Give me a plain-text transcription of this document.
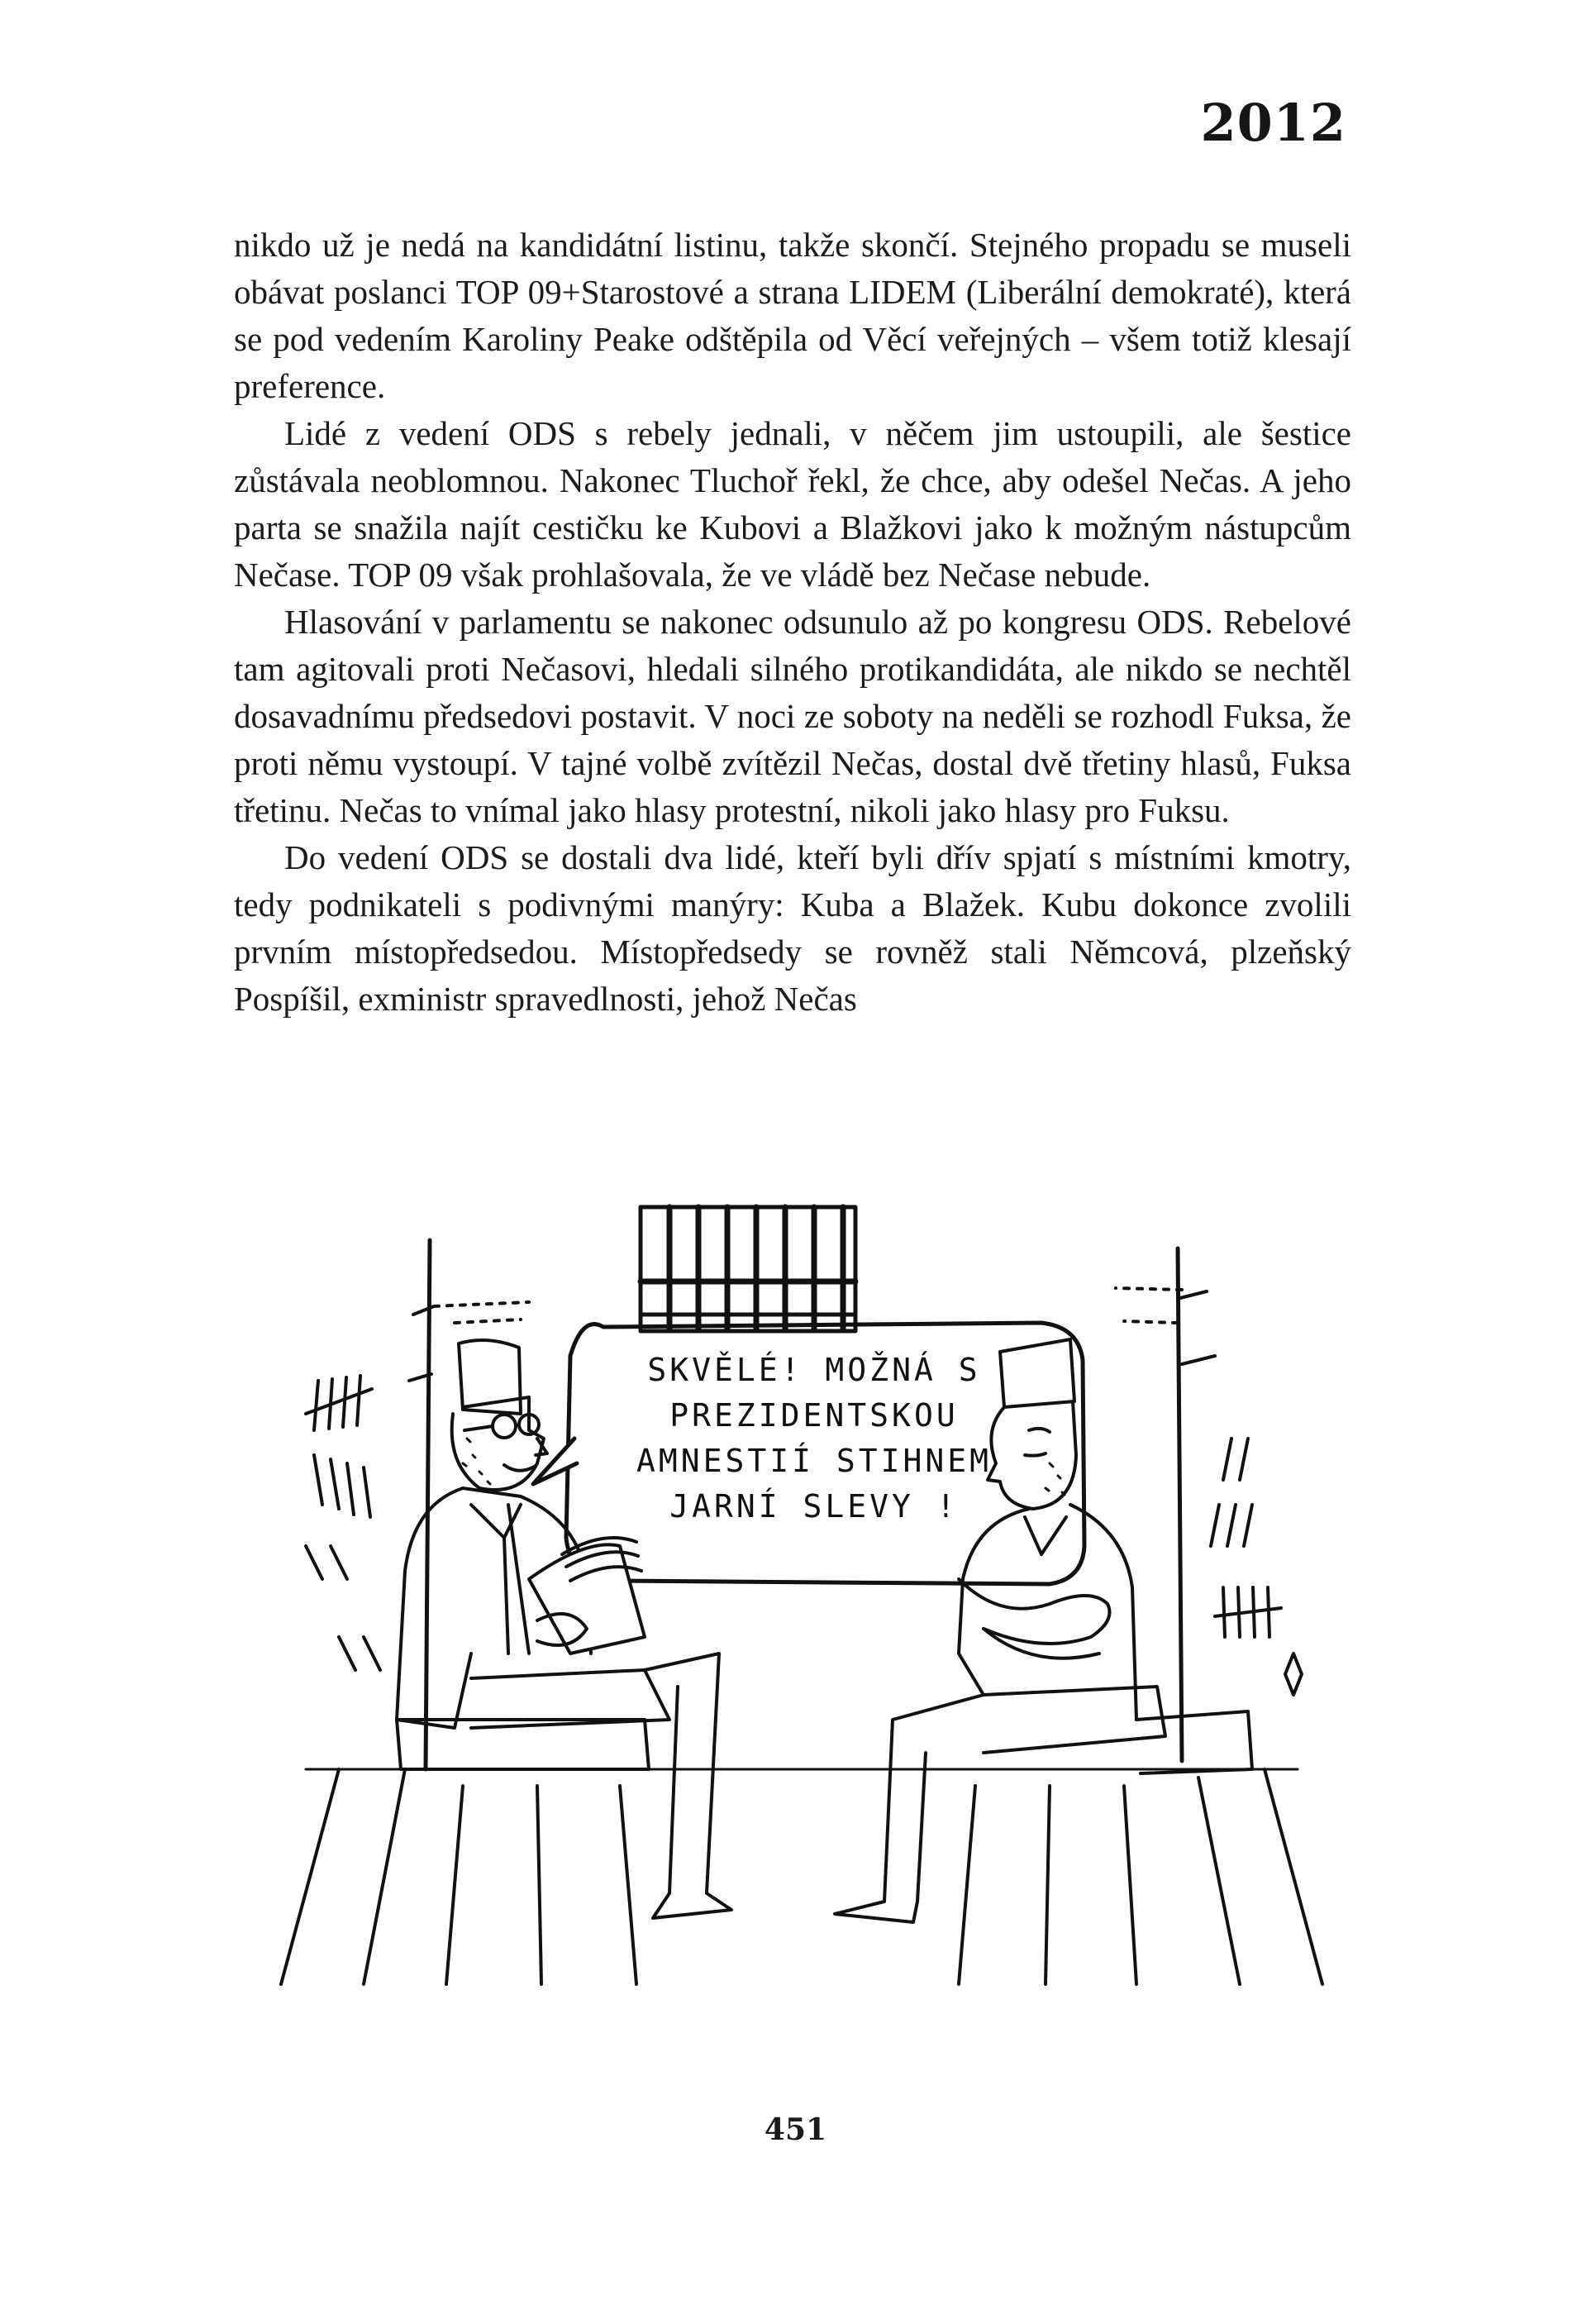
2012

nikdo už je nedá na kandidátní listinu, takže skončí. Stejného propadu se museli obávat poslanci TOP 09+Starostové a strana LIDEM (Liberální demokraté), která se pod vedením Karoliny Peake odštěpila od Věcí veřejných – všem totiž klesají preference.

Lidé z vedení ODS s rebely jednali, v něčem jim ustoupili, ale šestice zůstávala neoblomnou. Nakonec Tluchoř řekl, že chce, aby odešel Nečas. A jeho parta se snažila najít cestičku ke Kubovi a Blažkovi jako k možným nástupcům Nečase. TOP 09 však prohlašovala, že ve vládě bez Nečase nebude.

Hlasování v parlamentu se nakonec odsunulo až po kongresu ODS. Rebelové tam agitovali proti Nečasovi, hledali silného protikandidáta, ale nikdo se nechtěl dosavadnímu předsedovi postavit. V noci ze soboty na neděli se rozhodl Fuksa, že proti němu vystoupí. V tajné volbě zvítězil Nečas, dostal dvě třetiny hlasů, Fuksa třetinu. Nečas to vnímal jako hlasy protestní, nikoli jako hlasy pro Fuksu.

Do vedení ODS se dostali dva lidé, kteří byli dřív spjatí s místními kmotry, tedy podnikateli s podivnými manýry: Kuba a Blažek. Kubu dokonce zvolili prvním místopředsedou. Místopředsedy se rovněž stali Němcová, plzeňský Pospíšil, exministr spravedlnosti, jehož Nečas

SKVĚLÉ! MOŽNÁ S
PREZIDENTSKOU
AMNESTIÍ STIHNEM
JARNÍ SLEVY !
451
